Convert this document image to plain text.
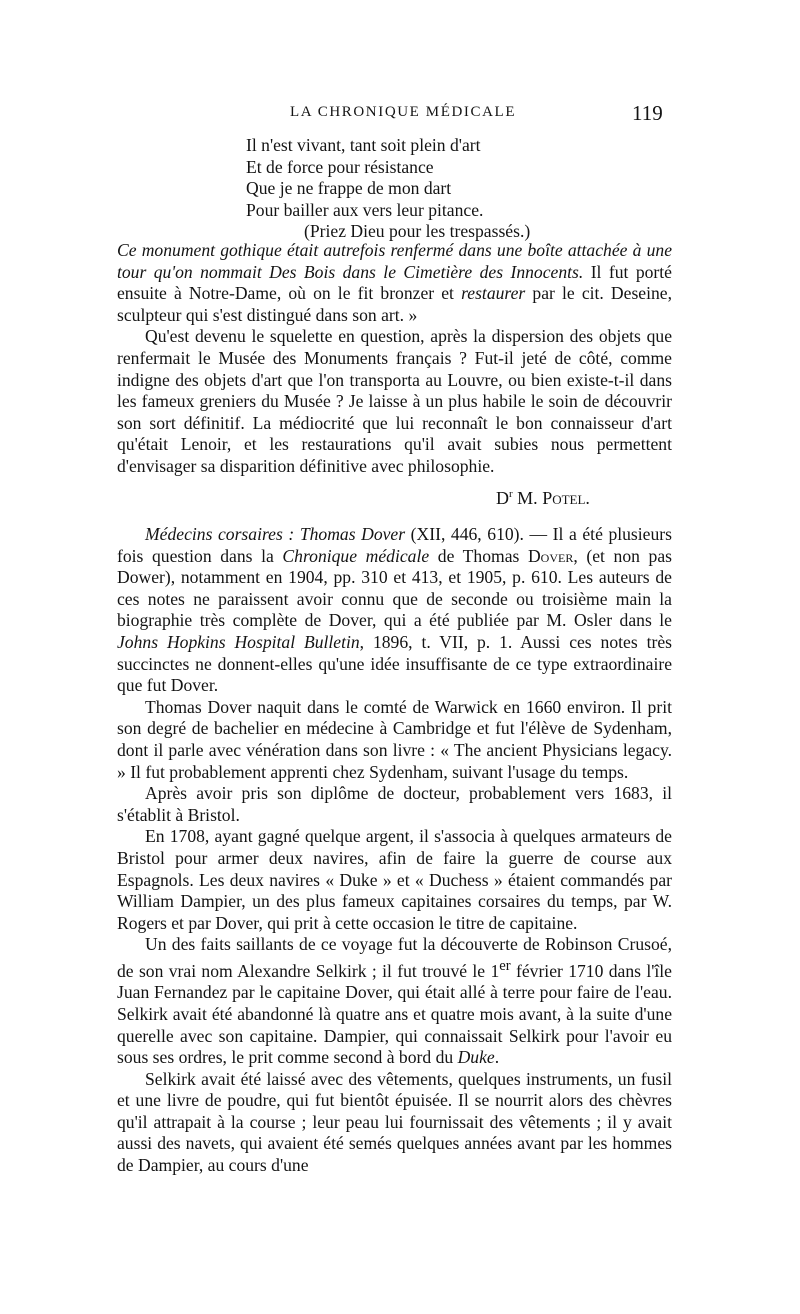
LA CHRONIQUE MÉDICALE	119
Il n'est vivant, tant soit plein d'art
Et de force pour résistance
Que je ne frappe de mon dart
Pour bailler aux vers leur pitance.
(Priez Dieu pour les trespassés.)

Ce monument gothique était autrefois renfermé dans une boîte attachée à une tour qu'on nommait Des Bois dans le Cimetière des Innocents. Il fut porté ensuite à Notre-Dame, où on le fit bronzer et restaurer par le cit. Deseine, sculpteur qui s'est distingué dans son art. »

Qu'est devenu le squelette en question, après la dispersion des objets que renfermait le Musée des Monuments français ? Fut-il jeté de côté, comme indigne des objets d'art que l'on transporta au Louvre, ou bien existe-t-il dans les fameux greniers du Musée ? Je laisse à un plus habile le soin de découvrir son sort définitif. La médiocrité que lui reconnaît le bon connaisseur d'art qu'était Lenoir, et les restaurations qu'il avait subies nous permettent d'envisager sa disparition définitive avec philosophie.

$D^r$ M. Potel.

Médecins corsaires : Thomas Dover (XII, 446, 610). — Il a été plusieurs fois question dans la Chronique médicale de Thomas Dover, (et non pas Dower), notamment en 1904, pp. 310 et 413, et 1905, p. 610. Les auteurs de ces notes ne paraissent avoir connu que de seconde ou troisième main la biographie très complète de Dover, qui a été publiée par M. Osler dans le Johns Hopkins Hospital Bulletin, 1896, t. VII, p. 1. Aussi ces notes très succinctes ne donnent-elles qu'une idée insuffisante de ce type extraordinaire que fut Dover.

Thomas Dover naquit dans le comté de Warwick en 1660 environ. Il prit son degré de bachelier en médecine à Cambridge et fut l'élève de Sydenham, dont il parle avec vénération dans son livre : « The ancient Physicians legacy. » Il fut probablement apprenti chez Sydenham, suivant l'usage du temps.

Après avoir pris son diplôme de docteur, probablement vers 1683, il s'établit à Bristol.

En 1708, ayant gagné quelque argent, il s'associa à quelques armateurs de Bristol pour armer deux navires, afin de faire la guerre de course aux Espagnols. Les deux navires « Duke » et « Duchess » étaient commandés par William Dampier, un des plus fameux capitaines corsaires du temps, par W. Rogers et par Dover, qui prit à cette occasion le titre de capitaine.

Un des faits saillants de ce voyage fut la découverte de Robinson Crusoé, de son vrai nom Alexandre Selkirk ; il fut trouvé le 1er février 1710 dans l'île Juan Fernandez par le capitaine Dover, qui était allé à terre pour faire de l'eau. Selkirk avait été abandonné là quatre ans et quatre mois avant, à la suite d'une querelle avec son capitaine. Dampier, qui connaissait Selkirk pour l'avoir eu sous ses ordres, le prit comme second à bord du Duke.

Selkirk avait été laissé avec des vêtements, quelques instruments, un fusil et une livre de poudre, qui fut bientôt épuisée. Il se nourrit alors des chèvres qu'il attrapait à la course ; leur peau lui fournissait des vêtements ; il y avait aussi des navets, qui avaient été semés quelques années avant par les hommes de Dampier, au cours d'une
